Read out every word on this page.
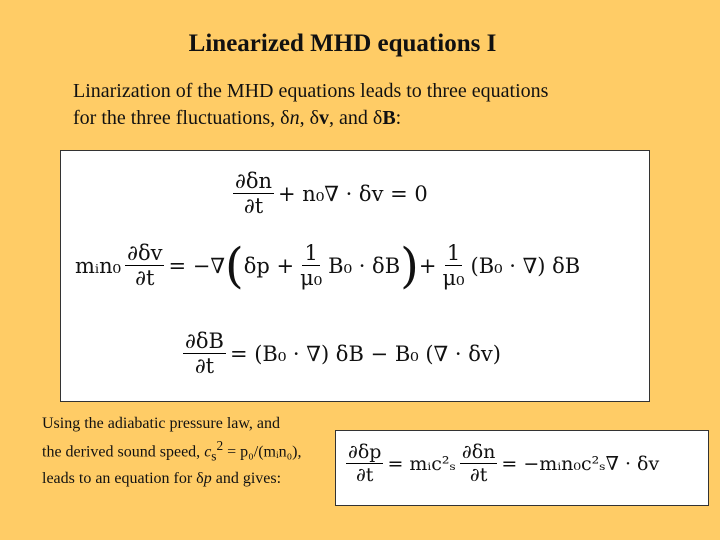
Linearized MHD equations I
Linarization of the MHD equations leads to three equations
for the three fluctuations, δn, δv, and δB:
$\frac{\partial\delta n}{\partial t} + n_0\nabla \cdot \delta v = 0$
mᵢn₀ $\frac{\partial\delta v}{\partial t}$ = −∇ ( $\delta p + \frac{1}{\text{μ₀}} B_0 \cdot \delta B$ ) + $\frac{1}{\text{μ₀}} (B_0$ · ∇) δB
$\frac{\partial\delta B}{\partial t} = (B_0$ · ∇) δB − B₀ (∇ · δv)
Using the adiabatic pressure law, and the derived sound speed, $c_s^2$ = p₀/(mᵢn₀), leads to an equation for δp and gives:	$\frac{\partial\delta p}{\partial t}$ = mᵢc²ₛ $\frac{\partial\delta n}{\partial t}$ = −mᵢn₀c²ₛ∇ · δv
